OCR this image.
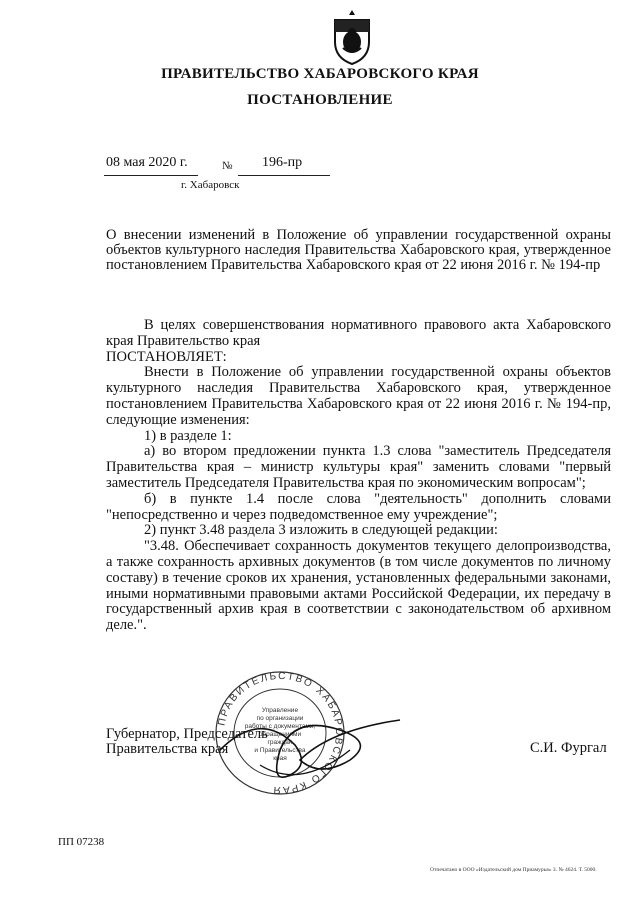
ПРАВИТЕЛЬСТВО ХАБАРОВСКОГО КРАЯ
ПОСТАНОВЛЕНИЕ
08 мая 2020 г.	№ 196-пр
г. Хабаровск
О внесении изменений в Положение об управлении государственной охраны объектов культурного наследия Правительства Хабаровского края, утвержденное постановлением Правительства Хабаровского края от 22 июня 2016 г. № 194-пр

В целях совершенствования нормативного правового акта Хабаровского края Правительство края

ПОСТАНОВЛЯЕТ:

Внести в Положение об управлении государственной охраны объектов культурного наследия Правительства Хабаровского края, утвержденное постановлением Правительства Хабаровского края от 22 июня 2016 г. № 194-пр, следующие изменения:

1) в разделе 1:

а) во втором предложении пункта 1.3 слова "заместитель Председателя Правительства края – министр культуры края" заменить словами "первый заместитель Председателя Правительства края по экономическим вопросам";

б) в пункте 1.4 после слова "деятельность" дополнить словами "непосредственно и через подведомственное ему учреждение";

2) пункт 3.48 раздела 3 изложить в следующей редакции:

"3.48. Обеспечивает сохранность документов текущего делопроизводства, а также сохранность архивных документов (в том числе документов по личному составу) в течение сроков их хранения, установленных федеральными законами, иными нормативными правовыми актами Российской Федерации, их передачу в государственный архив края в соответствии с законодательством об архивном деле.".

ПРАВИТЕЛЬСТВО ХАБАРОВСКОГО КРАЯ
Управление
по организации
работы с документами,
обращениями
граждан
и Правительства
края
Губернатор, Председатель
Правительства края	С.И. Фургал
ПП 07238
Отпечатано в ООО «Издательский дом Приамурья» З. № 4624. Т. 5000.
